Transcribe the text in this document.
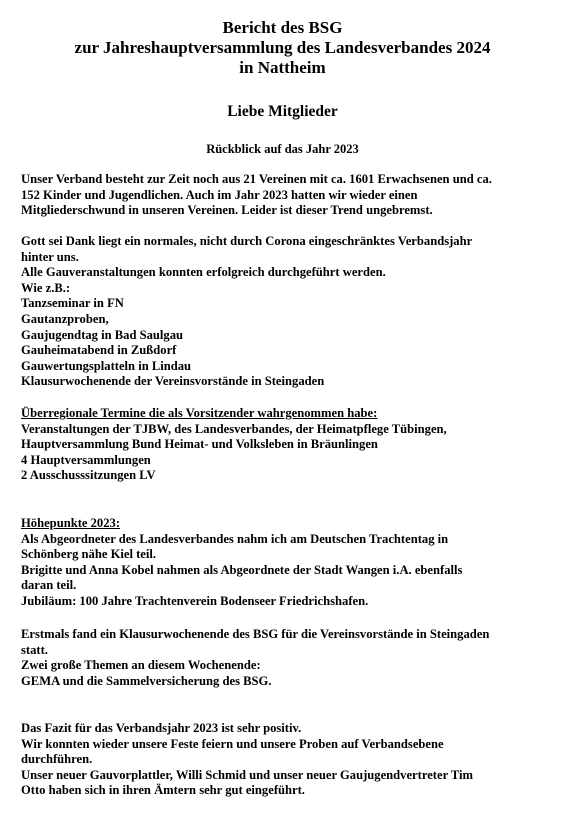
Bericht des BSG
zur Jahreshauptversammlung des Landesverbandes 2024
in Nattheim
Liebe Mitglieder
Rückblick auf das Jahr 2023
Unser Verband besteht zur Zeit noch aus 21 Vereinen mit ca. 1601 Erwachsenen und ca.
152 Kinder und Jugendlichen. Auch im Jahr 2023 hatten wir wieder einen
Mitgliederschwund in unseren Vereinen. Leider ist dieser Trend ungebremst.
Gott sei Dank liegt ein normales, nicht durch Corona eingeschränktes Verbandsjahr
hinter uns.
Alle Gauveranstaltungen konnten erfolgreich durchgeführt werden.
Wie z.B.:
Tanzseminar in FN
Gautanzproben,
Gaujugendtag in Bad Saulgau
Gauheimatabend in Zußdorf
Gauwertungsplatteln in Lindau
Klausurwochenende der Vereinsvorstände in Steingaden
Überregionale Termine die als Vorsitzender wahrgenommen habe:
Veranstaltungen der TJBW, des Landesverbandes, der Heimatpflege Tübingen,
Hauptversammlung Bund Heimat- und Volksleben in Bräunlingen
4 Hauptversammlungen
2 Ausschusssitzungen LV
Höhepunkte 2023:
Als Abgeordneter des Landesverbandes nahm ich am Deutschen Trachtentag in
Schönberg nähe Kiel teil.
Brigitte und Anna Kobel nahmen als Abgeordnete der Stadt Wangen i.A. ebenfalls
daran teil.
Jubiläum: 100 Jahre Trachtenverein Bodenseer Friedrichshafen.
Erstmals fand ein Klausurwochenende des BSG für die Vereinsvorstände in Steingaden
statt.
Zwei große Themen an diesem Wochenende:
GEMA und die Sammelversicherung des BSG.
Das Fazit für das Verbandsjahr 2023 ist sehr positiv.
Wir konnten wieder unsere Feste feiern und unsere Proben auf Verbandsebene
durchführen.
Unser neuer Gauvorplattler, Willi Schmid und unser neuer Gaujugendvertreter Tim
Otto haben sich in ihren Ämtern sehr gut eingeführt.
